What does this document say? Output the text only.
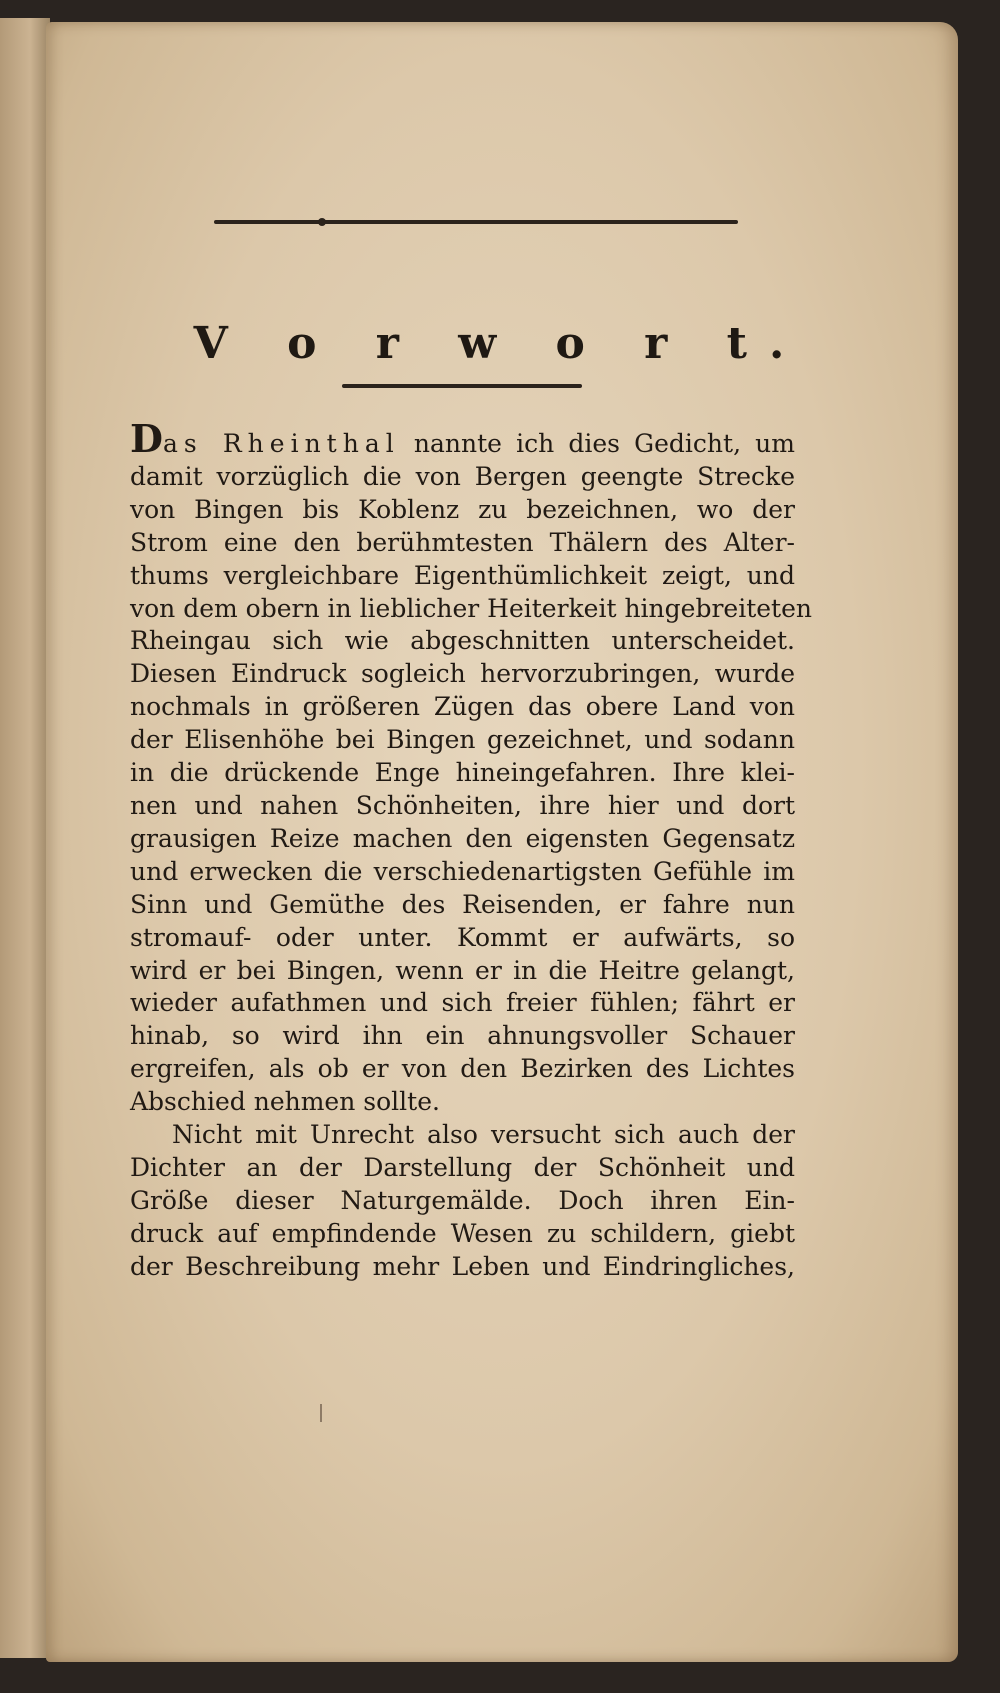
V o r w o r t.
Das Rheinthal nannte ich dies Gedicht, um
damit vorzüglich die von Bergen geengte Strecke
von Bingen bis Koblenz zu bezeichnen, wo der
Strom eine den berühmtesten Thälern des Alter-
thums vergleichbare Eigenthümlichkeit zeigt, und
von dem obern in lieblicher Heiterkeit hingebreiteten
Rheingau sich wie abgeschnitten unterscheidet.
Diesen Eindruck sogleich hervorzubringen, wurde
nochmals in größeren Zügen das obere Land von
der Elisenhöhe bei Bingen gezeichnet, und sodann
in die drückende Enge hineingefahren. Ihre klei-
nen und nahen Schönheiten, ihre hier und dort
grausigen Reize machen den eigensten Gegensatz
und erwecken die verschiedenartigsten Gefühle im
Sinn und Gemüthe des Reisenden, er fahre nun
stromauf- oder unter. Kommt er aufwärts, so
wird er bei Bingen, wenn er in die Heitre gelangt,
wieder aufathmen und sich freier fühlen; fährt er
hinab, so wird ihn ein ahnungsvoller Schauer
ergreifen, als ob er von den Bezirken des Lichtes
Abschied nehmen sollte.
Nicht mit Unrecht also versucht sich auch der
Dichter an der Darstellung der Schönheit und
Größe dieser Naturgemälde. Doch ihren Ein-
druck auf empfindende Wesen zu schildern, giebt
der Beschreibung mehr Leben und Eindringliches,
